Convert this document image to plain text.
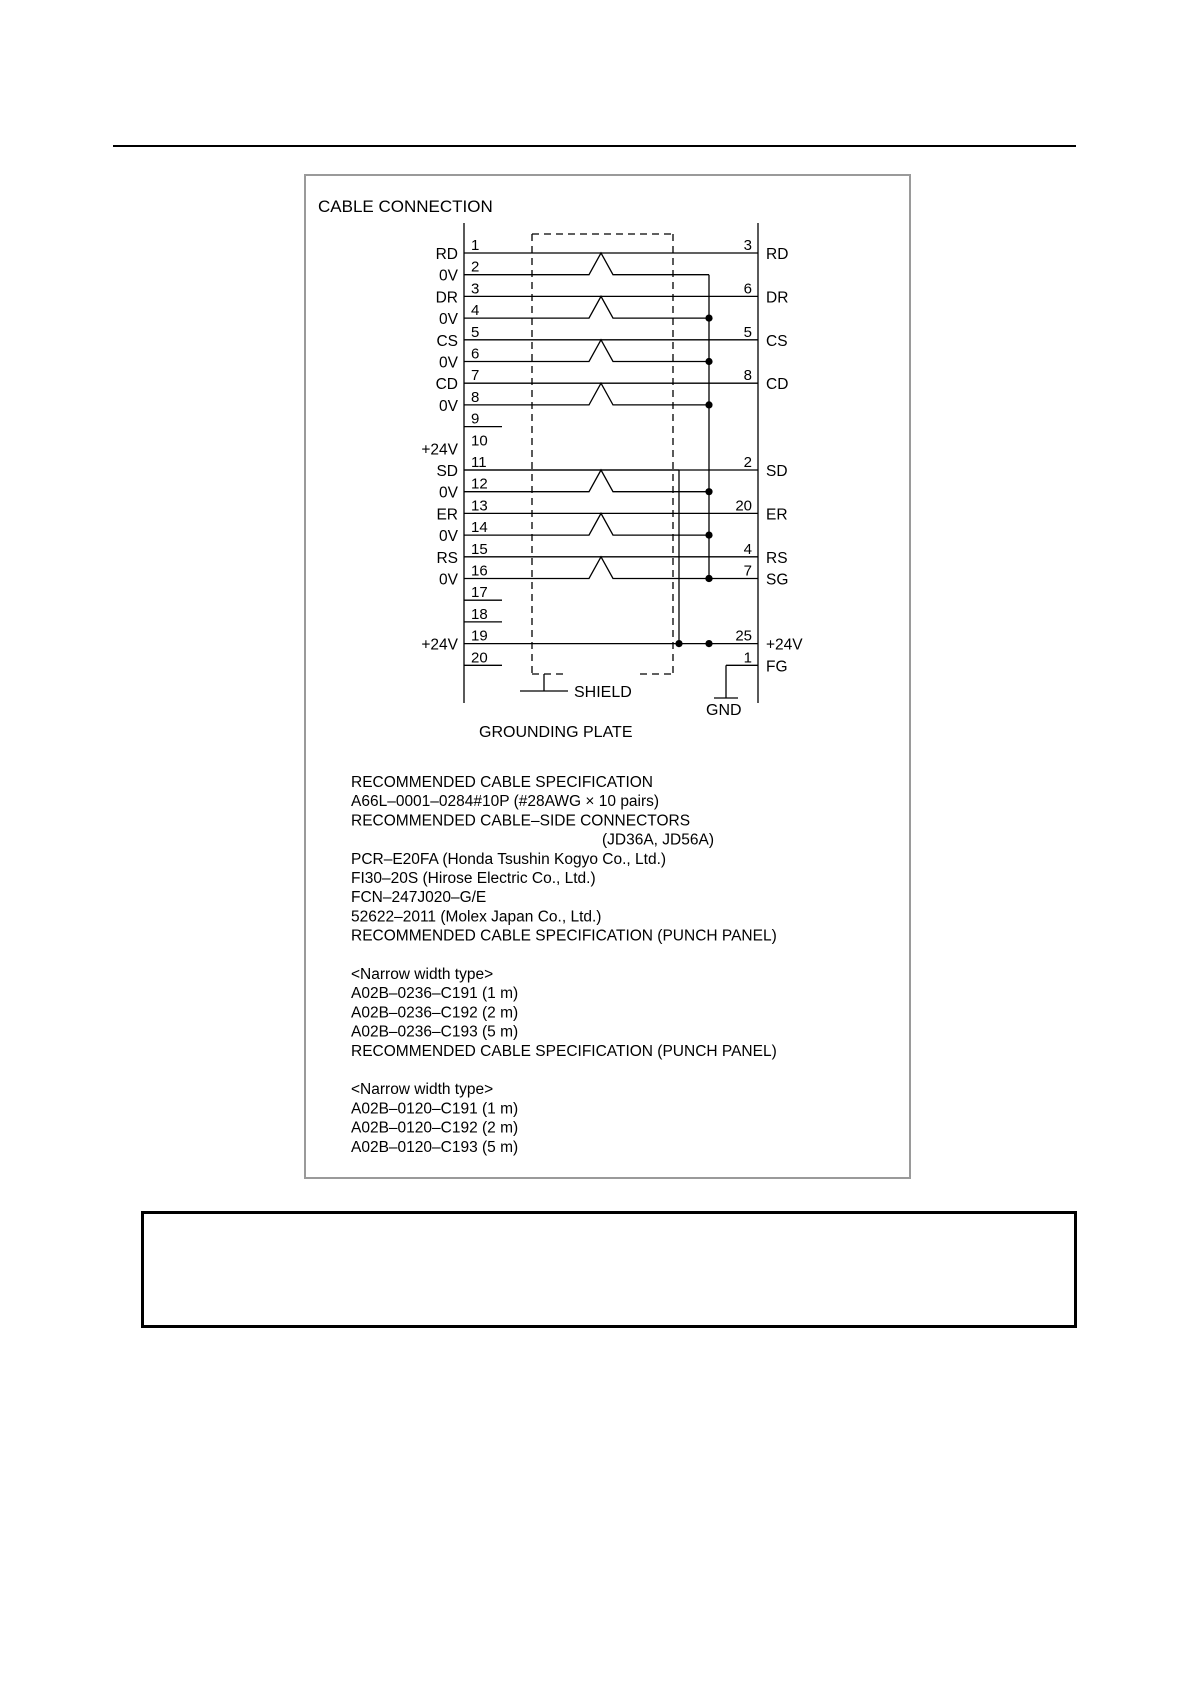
CABLE CONNECTION
1
RD
2
0V
3
DR
4
0V
5
CS
6
0V
7
CD
8
0V
9
10
+24V
11
SD
12
0V
13
ER
14
0V
15
RS
16
0V
17
18
19
+24V
20
3
RD
6
DR
5
CS
8
CD
2
SD
20
ER
4
RS
7
SG
25
+24V
1
FG
SHIELD
GND
GROUNDING PLATE
RECOMMENDED CABLE SPECIFICATION
A66L–0001–0284#10P (#28AWG × 10 pairs)
RECOMMENDED CABLE–SIDE CONNECTORS
(JD36A, JD56A)
PCR–E20FA (Honda Tsushin Kogyo Co., Ltd.)
FI30–20S (Hirose Electric Co., Ltd.)
FCN–247J020–G/E
52622–2011 (Molex Japan Co., Ltd.)
RECOMMENDED CABLE SPECIFICATION (PUNCH PANEL)
<Narrow width type>
A02B–0236–C191 (1 m)
A02B–0236–C192 (2 m)
A02B–0236–C193 (5 m)
RECOMMENDED CABLE SPECIFICATION (PUNCH PANEL)
<Narrow width type>
A02B–0120–C191 (1 m)
A02B–0120–C192 (2 m)
A02B–0120–C193 (5 m)
